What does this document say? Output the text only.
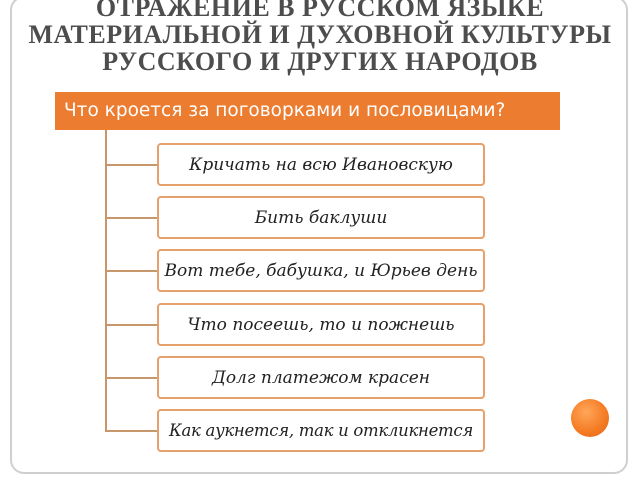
ОТРАЖЕНИЕ В РУССКОМ ЯЗЫКЕ
МАТЕРИАЛЬНОЙ И ДУХОВНОЙ КУЛЬТУРЫ
РУССКОГО И ДРУГИХ НАРОДОВ
Что кроется за поговорками и пословицами?
Кричать на всю Ивановскую
Бить баклуши
Вот тебе, бабушка, и Юрьев день
Что посеешь, то и пожнешь
Долг платежом красен
Как аукнется, так и откликнется
